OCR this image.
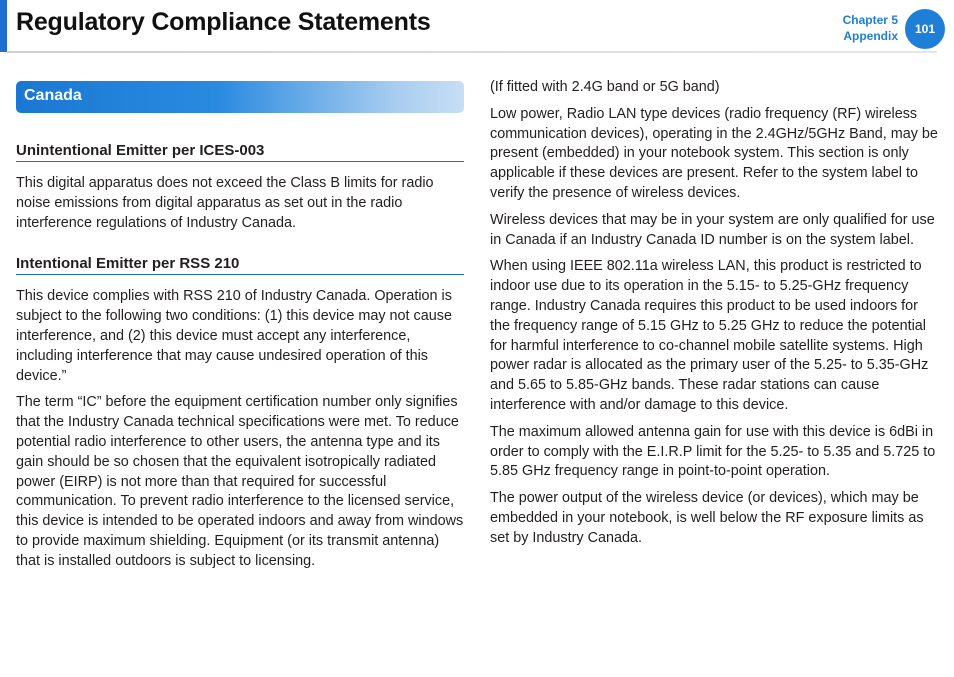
Regulatory Compliance Statements	Chapter 5
Appendix	101
Canada
Unintentional Emitter per ICES-003

This digital apparatus does not exceed the Class B limits for radio noise emissions from digital apparatus as set out in the radio interference regulations of Industry Canada.

Intentional Emitter per RSS 210

This device complies with RSS 210 of Industry Canada. Operation is subject to the following two conditions: (1) this device may not cause interference, and (2) this device must accept any interference, including interference that may cause undesired operation of this device.”

The term “IC” before the equipment certification number only signifies that the Industry Canada technical specifications were met. To reduce potential radio interference to other users, the antenna type and its gain should be so chosen that the equivalent isotropically radiated power (EIRP) is not more than that required for successful communication. To prevent radio interference to the licensed service, this device is intended to be operated indoors and away from windows to provide maximum shielding. Equipment (or its transmit antenna) that is installed outdoors is subject to licensing.

(If fitted with 2.4G band or 5G band)

Low power, Radio LAN type devices (radio frequency (RF) wireless communication devices), operating in the 2.4GHz/5GHz Band, may be present (embedded) in your notebook system. This section is only applicable if these devices are present. Refer to the system label to verify the presence of wireless devices.

Wireless devices that may be in your system are only qualified for use in Canada if an Industry Canada ID number is on the system label.

When using IEEE 802.11a wireless LAN, this product is restricted to indoor use due to its operation in the 5.15- to 5.25-GHz frequency range. Industry Canada requires this product to be used indoors for the frequency range of 5.15 GHz to 5.25 GHz to reduce the potential for harmful interference to co-channel mobile satellite systems. High power radar is allocated as the primary user of the 5.25- to 5.35-GHz and 5.65 to 5.85-GHz bands. These radar stations can cause interference with and/or damage to this device.

The maximum allowed antenna gain for use with this device is 6dBi in order to comply with the E.I.R.P limit for the 5.25- to 5.35 and 5.725 to 5.85 GHz frequency range in point-to-point operation.

The power output of the wireless device (or devices), which may be embedded in your notebook, is well below the RF exposure limits as set by Industry Canada.
